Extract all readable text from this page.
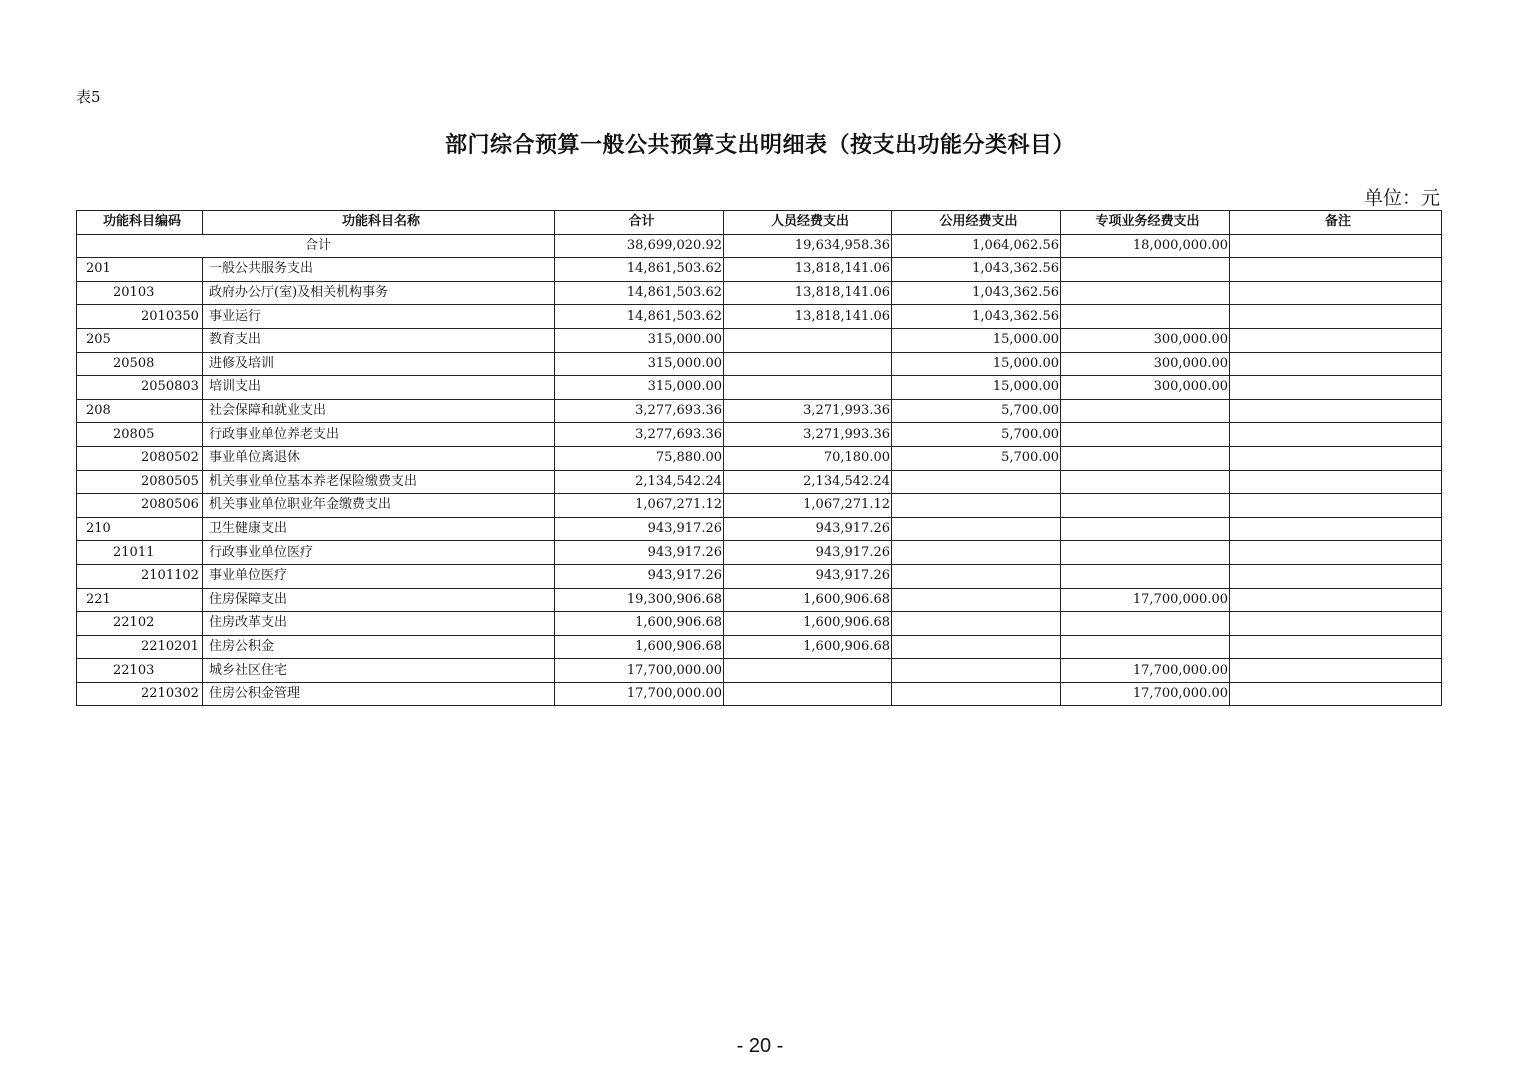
表5
部门综合预算一般公共预算支出明细表（按支出功能分类科目）
单位：元
功能科目编码	功能科目名称	合计	人员经费支出	公用经费支出	专项业务经费支出	备注
合计		38,699,020.92	19,634,958.36	1,064,062.56	18,000,000.00	
201	一般公共服务支出	14,861,503.62	13,818,141.06	1,043,362.56		
20103	政府办公厅(室)及相关机构事务	14,861,503.62	13,818,141.06	1,043,362.56		
2010350	事业运行	14,861,503.62	13,818,141.06	1,043,362.56		
205	教育支出	315,000.00		15,000.00	300,000.00	
20508	进修及培训	315,000.00		15,000.00	300,000.00	
2050803	培训支出	315,000.00		15,000.00	300,000.00	
208	社会保障和就业支出	3,277,693.36	3,271,993.36	5,700.00		
20805	行政事业单位养老支出	3,277,693.36	3,271,993.36	5,700.00		
2080502	事业单位离退休	75,880.00	70,180.00	5,700.00		
2080505	机关事业单位基本养老保险缴费支出	2,134,542.24	2,134,542.24			
2080506	机关事业单位职业年金缴费支出	1,067,271.12	1,067,271.12			
210	卫生健康支出	943,917.26	943,917.26			
21011	行政事业单位医疗	943,917.26	943,917.26			
2101102	事业单位医疗	943,917.26	943,917.26			
221	住房保障支出	19,300,906.68	1,600,906.68		17,700,000.00	
22102	住房改革支出	1,600,906.68	1,600,906.68			
2210201	住房公积金	1,600,906.68	1,600,906.68			
22103	城乡社区住宅	17,700,000.00			17,700,000.00	
2210302	住房公积金管理	17,700,000.00			17,700,000.00	
- 20 -
